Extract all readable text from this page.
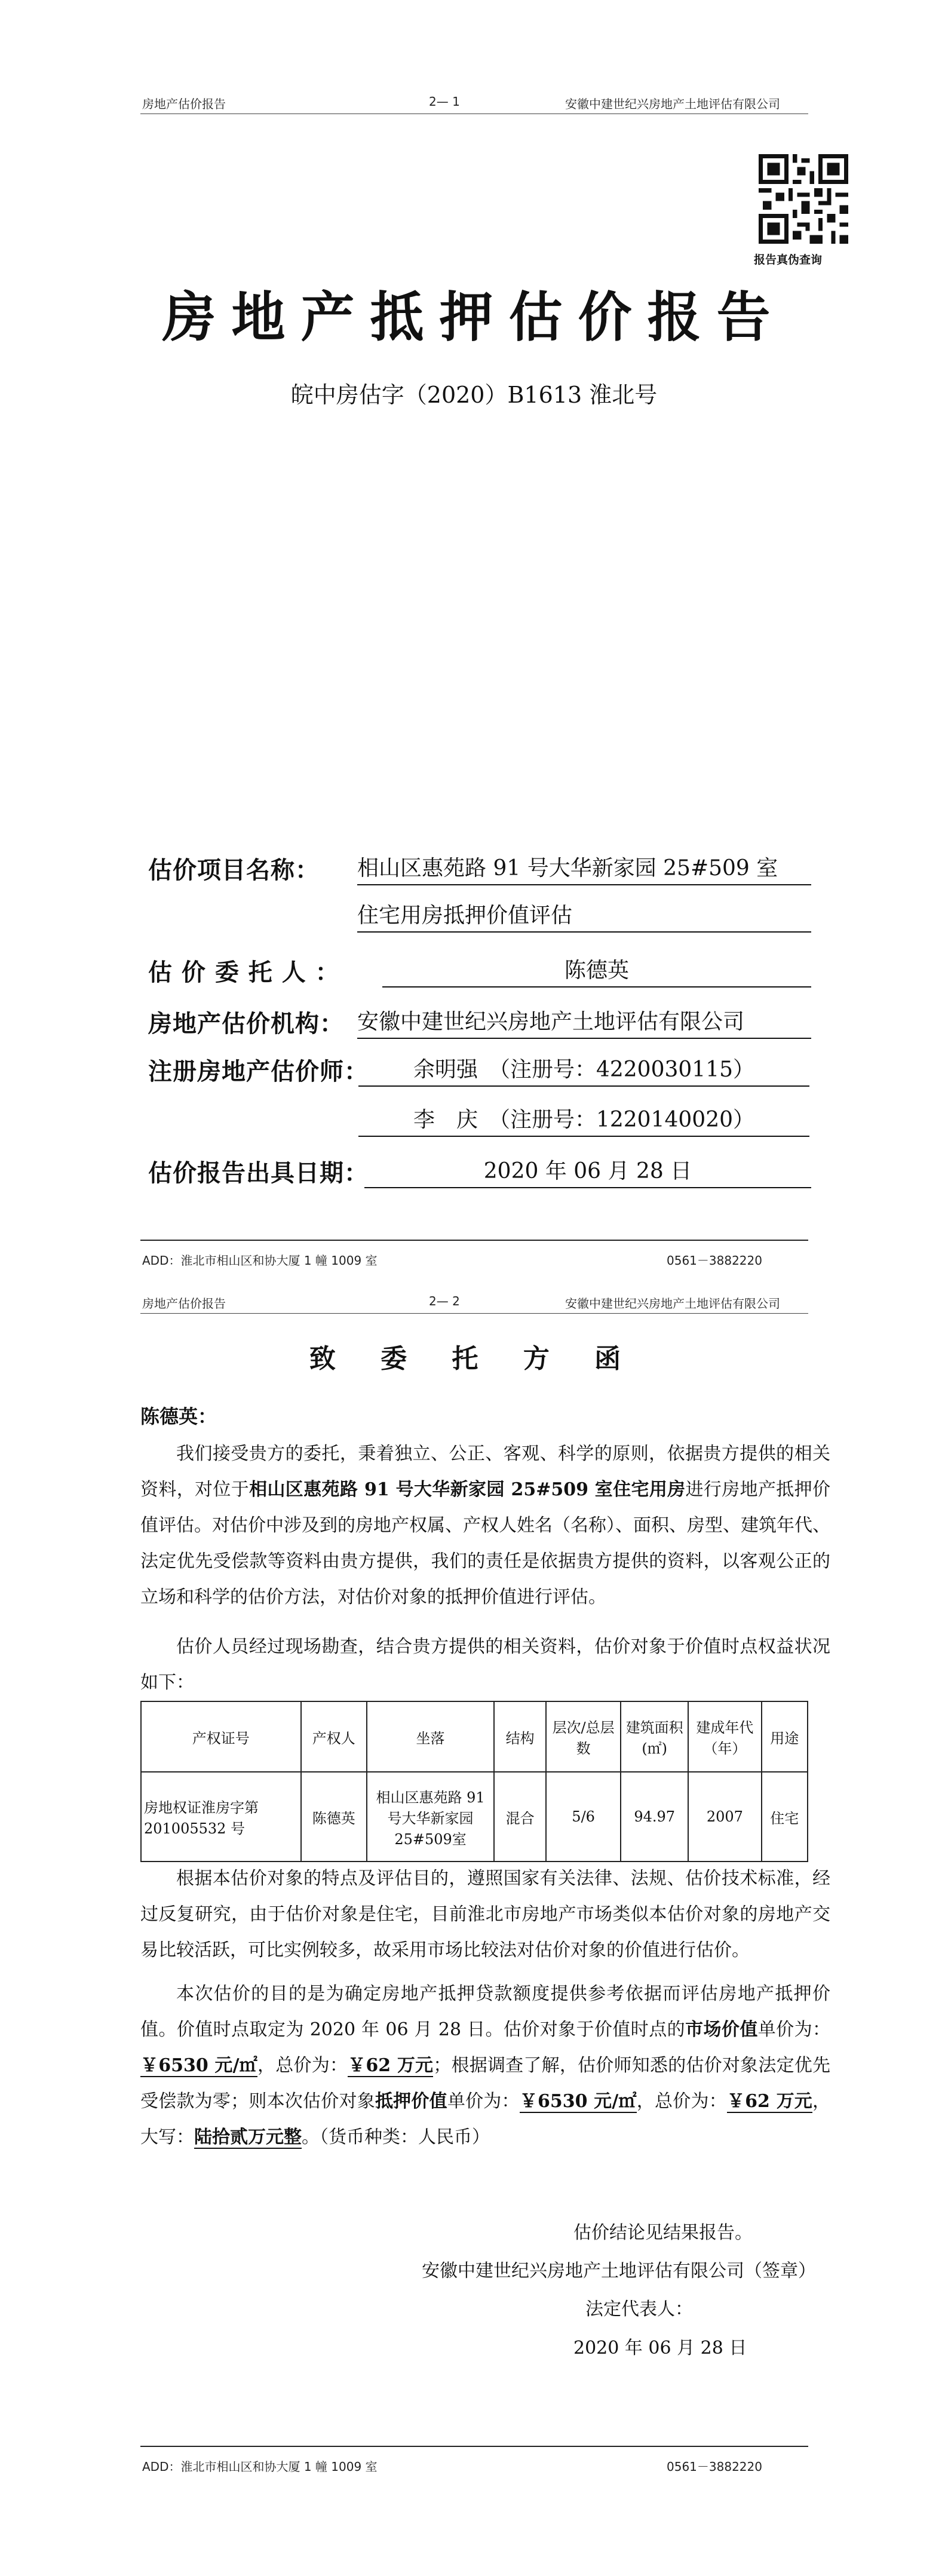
房地产估价报告	2— 1	安徽中建世纪兴房地产土地评估有限公司
报告真伪查询
房地产抵押估价报告
皖中房估字（2020）B1613 淮北号
估价项目名称： 相山区惠苑路 91 号大华新家园 25#509 室
住宅用房抵押价值评估
估 价 委 托 人 ：	陈德英
房地产估价机构： 安徽中建世纪兴房地产土地评估有限公司
注册房地产估价师：	余明强　（注册号：4220030115）
李　庆　（注册号：1220140020）
估价报告出具日期：	2020 年 06 月 28 日
ADD：淮北市相山区和协大厦 1 幢 1009 室	0561－3882220
房地产估价报告	2— 2	安徽中建世纪兴房地产土地评估有限公司
致 委 托 方 函
陈德英：
我们接受贵方的委托，秉着独立、公正、客观、科学的原则，依据贵方提供的相关资料，对位于相山区惠苑路 91 号大华新家园 25#509 室住宅用房进行房地产抵押价值评估。对估价中涉及到的房地产权属、产权人姓名（名称）、面积、房型、建筑年代、法定优先受偿款等资料由贵方提供，我们的责任是依据贵方提供的资料，以客观公正的立场和科学的估价方法，对估价对象的抵押价值进行评估。
估价人员经过现场勘查，结合贵方提供的相关资料，估价对象于价值时点权益状况如下：
产权证号	产权人	坐落	结构	层次/总层数	建筑面积(㎡)	建成年代（年）	用途
房地权证淮房字第201005532 号	陈德英	相山区惠苑路 91 号大华新家园 25#509室	混合	5/6	94.97	2007	住宅
根据本估价对象的特点及评估目的，遵照国家有关法律、法规、估价技术标准，经过反复研究，由于估价对象是住宅，目前淮北市房地产市场类似本估价对象的房地产交易比较活跃，可比实例较多，故采用市场比较法对估价对象的价值进行估价。
本次估价的目的是为确定房地产抵押贷款额度提供参考依据而评估房地产抵押价值。价值时点取定为 2020 年 06 月 28 日。估价对象于价值时点的市场价值单价为：￥6530 元/㎡，总价为：￥62 万元；根据调查了解，估价师知悉的估价对象法定优先受偿款为零；则本次估价对象抵押价值单价为：￥6530 元/㎡，总价为：￥62 万元，大写：陆拾贰万元整。（货币种类：人民币）
估价结论见结果报告。
安徽中建世纪兴房地产土地评估有限公司（签章）
法定代表人：
2020 年 06 月 28 日
ADD：淮北市相山区和协大厦 1 幢 1009 室	0561－3882220
